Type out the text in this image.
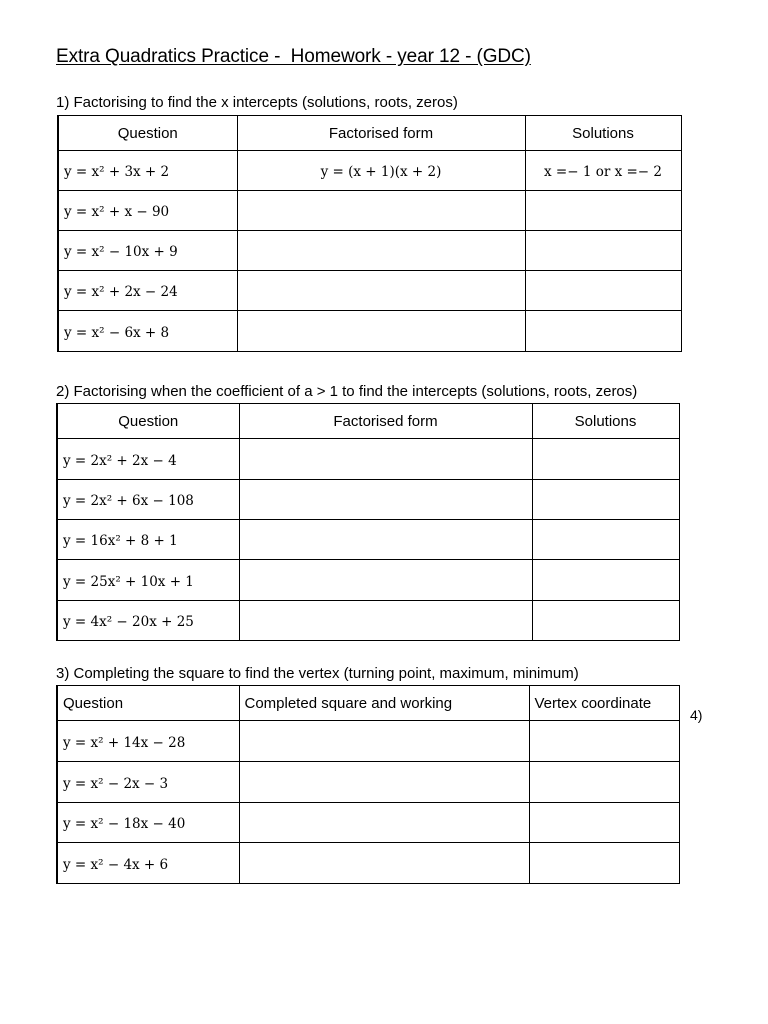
Extra Quadratics Practice -  Homework - year 12 - (GDC)
1) Factorising to find the x intercepts (solutions, roots, zeros)
Question	Factorised form	Solutions
y = x² + 3x + 2	y = (x + 1)(x + 2)	x =− 1 or x =− 2
y = x² + x − 90		
y = x² − 10x + 9		
y = x² + 2x − 24		
y = x² − 6x + 8		
2) Factorising when the coefficient of a > 1 to find the intercepts (solutions, roots, zeros)
Question	Factorised form	Solutions
y = 2x² + 2x − 4		
y = 2x² + 6x − 108		
y = 16x² + 8 + 1		
y = 25x² + 10x + 1		
y = 4x² − 20x + 25		
3) Completing the square to find the vertex (turning point, maximum, minimum)
Question	Completed square and working	Vertex coordinate
y = x² + 14x − 28		
y = x² − 2x − 3		
y = x² − 18x − 40		
y = x² − 4x + 6		
4)
